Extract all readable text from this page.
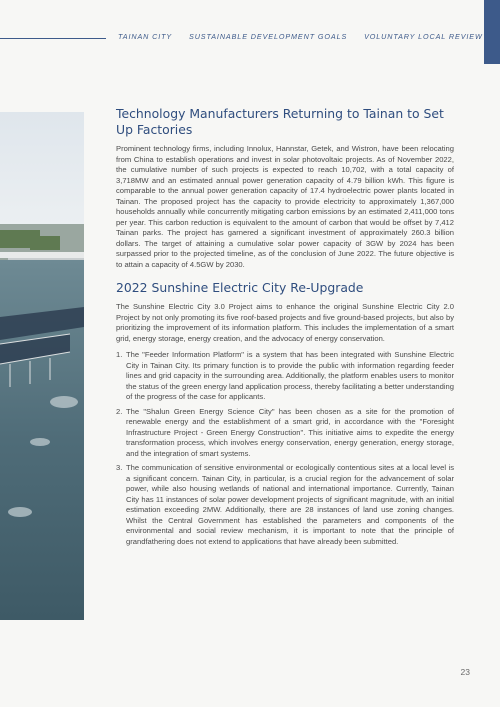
TAINAN CITY SUSTAINABLE DEVELOPMENT GOALS VOLUNTARY LOCAL REVIEW
Technology Manufacturers Returning to Tainan to Set Up Factories

Prominent technology firms, including Innolux, Hannstar, Getek, and Wistron, have been relocating from China to establish operations and invest in solar photovoltaic projects. As of November 2022, the cumulative number of such projects is expected to reach 10,702, with a total capacity of 3,718MW and an estimated annual power generation capacity of 4.79 billion kWh. This figure is comparable to the annual power generation capacity of 17.4 hydroelectric power plants located in Tainan. The proposed project has the capacity to provide electricity to approximately 1,367,000 households annually while concurrently mitigating carbon emissions by an estimated 2,411,000 tons per year. This carbon reduction is equivalent to the amount of carbon that would be offset by 7,412 Tainan parks. The project has garnered a significant investment of approximately 260.3 billion dollars. The target of attaining a cumulative solar power capacity of 3GW by 2024 has been surpassed prior to the projected timeline, as of the conclusion of June 2022. The future objective is to attain a capacity of 4.5GW by 2030.

2022 Sunshine Electric City Re-Upgrade

The Sunshine Electric City 3.0 Project aims to enhance the original Sunshine Electric City 2.0 Project by not only promoting its five roof-based projects and five ground-based projects, but also by prioritizing the improvement of its information platform. This includes the implementation of a smart grid, energy storage, energy creation, and the advocacy of energy conservation.

1. The "Feeder Information Platform" is a system that has been integrated with Sunshine Electric City in Tainan City. Its primary function is to provide the public with information regarding feeder lines and grid capacity in the surrounding area. Additionally, the platform enables users to monitor the status of the green energy land application process, thereby facilitating a better understanding of the progress of the case for applicants.
2. The "Shalun Green Energy Science City" has been chosen as a site for the promotion of renewable energy and the establishment of a smart grid, in accordance with the "Foresight Infrastructure Project - Green Energy Construction". This initiative aims to expedite the energy transformation process, which involves energy conservation, energy generation, energy storage, and the integration of smart systems.
3. The communication of sensitive environmental or ecologically contentious sites at a local level is a significant concern. Tainan City, in particular, is a crucial region for the advancement of solar power, while also housing wetlands of national and international importance. Currently, Tainan City has 11 instances of solar power development projects of significant magnitude, with an initial estimation exceeding 2MW. Additionally, there are 28 instances of land use zoning changes. Whilst the Central Government has established the parameters and components of the environmental and social review mechanism, it is important to note that the principle of grandfathering does not extend to applications that have already been submitted.
23
